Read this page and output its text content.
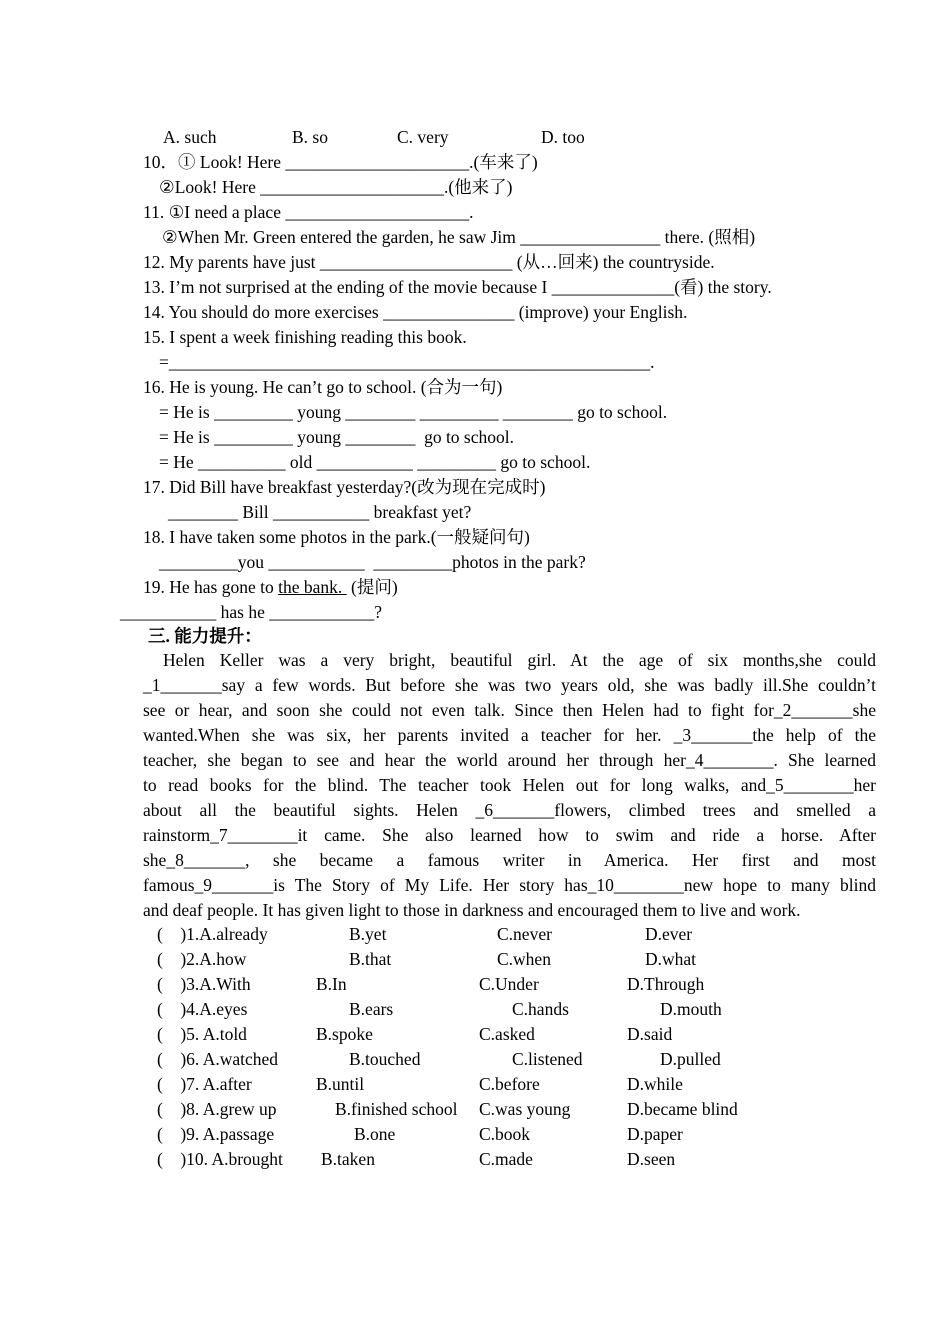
A. such	B. so	C. very	D. too
10．① Look! Here _____________________.(车来了)
②Look! Here _____________________.(他来了)
11. ①I need a place _____________________.
②When Mr. Green entered the garden, he saw Jim ________________ there. (照相)
12. My parents have just ______________________ (从…回来) the countryside.
13. I’m not surprised at the ending of the movie because I ______________(看) the story.
14. You should do more exercises _______________ (improve) your English.
15. I spent a week finishing reading this book.
=_______________________________________________________.
16. He is young. He can’t go to school. (合为一句)
= He is _________ young ________ _________ ________ go to school.
= He is _________ young ________  go to school.
= He __________ old ___________ _________ go to school.
17. Did Bill have breakfast yesterday?(改为现在完成时)
________ Bill ___________ breakfast yet?
18. I have taken some photos in the park.(一般疑问句)
_________you ___________  _________photos in the park?
19. He has gone to the bank.  (提问)
___________ has he ____________?
三. 能力提升：
Helen Keller was a very bright, beautiful girl. At the age of six months,she could
_1_______say a few words. But before she was two years old, she was badly ill.She couldn’t
see or hear, and soon she could not even talk. Since then Helen had to fight for_2_______she
wanted.When she was six, her parents invited a teacher for her. _3_______the help of the
teacher, she began to see and hear the world around her through her_4________. She learned
to read books for the blind. The teacher took Helen out for long walks, and_5________her
about all the beautiful sights. Helen _6_______flowers, climbed trees and smelled a
rainstorm_7________it came. She also learned how to swim and ride a horse. After
she_8_______, she became a famous writer in America. Her first and most
famous_9_______is The Story of My Life. Her story has_10________new hope to many blind
and deaf people. It has given light to those in darkness and encouraged them to live and work.
(    )1.A.already	B.yet	C.never	D.ever
(    )2.A.how	B.that	C.when	D.what
(    )3.A.With	B.In	C.Under	D.Through
(    )4.A.eyes	B.ears	C.hands	D.mouth
(    )5. A.told	B.spoke	C.asked	D.said
(    )6. A.watched	B.touched	C.listened	D.pulled
(    )7. A.after	B.until	C.before	D.while
(    )8. A.grew up	B.finished school C.was young	D.became blind
(    )9. A.passage	B.one	C.book	D.paper
(    )10. A.brought B.taken	C.made	D.seen
